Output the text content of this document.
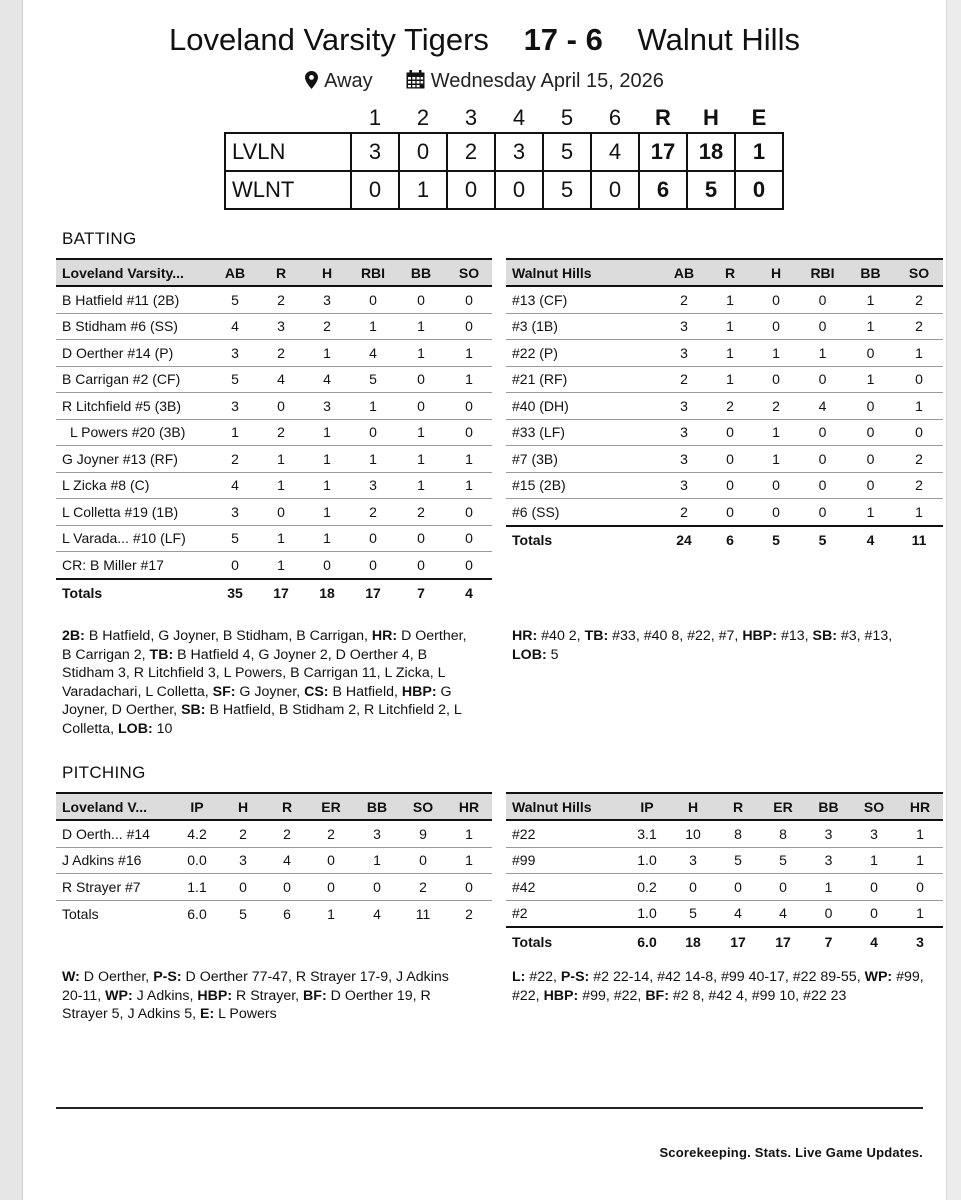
Loveland Varsity Tigers 17 - 6 Walnut Hills
Away	Wednesday April 15, 2026
	1	2	3	4	5	6	R	H	E
LVLN	3	0	2	3	5	4	17	18	1
WLNT	0	1	0	0	5	0	6	5	0
BATTING
Loveland Varsity...	AB	R	H	RBI	BB	SO
B Hatfield #11 (2B)	5	2	3	0	0	0
B Stidham #6 (SS)	4	3	2	1	1	0
D Oerther #14 (P)	3	2	1	4	1	1
B Carrigan #2 (CF)	5	4	4	5	0	1
R Litchfield #5 (3B)	3	0	3	1	0	0
L Powers #20 (3B)	1	2	1	0	1	0
G Joyner #13 (RF)	2	1	1	1	1	1
L Zicka #8 (C)	4	1	1	3	1	1
L Colletta #19 (1B)	3	0	1	2	2	0
L Varada... #10 (LF)	5	1	1	0	0	0
CR: B Miller #17	0	1	0	0	0	0
Totals	35	17	18	17	7	4
Walnut Hills	AB	R	H	RBI	BB	SO
#13 (CF)	2	1	0	0	1	2
#3 (1B)	3	1	0	0	1	2
#22 (P)	3	1	1	1	0	1
#21 (RF)	2	1	0	0	1	0
#40 (DH)	3	2	2	4	0	1
#33 (LF)	3	0	1	0	0	0
#7 (3B)	3	0	1	0	0	2
#15 (2B)	3	0	0	0	0	2
#6 (SS)	2	0	0	0	1	1
Totals	24	6	5	5	4	11
2B: B Hatfield, G Joyner, B Stidham, B Carrigan, HR: D Oerther, B Carrigan 2, TB: B Hatfield 4, G Joyner 2, D Oerther 4, B Stidham 3, R Litchfield 3, L Powers, B Carrigan 11, L Zicka, L Varadachari, L Colletta, SF: G Joyner, CS: B Hatfield, HBP: G Joyner, D Oerther, SB: B Hatfield, B Stidham 2, R Litchfield 2, L Colletta, LOB: 10
HR: #40 2, TB: #33, #40 8, #22, #7, HBP: #13, SB: #3, #13, LOB: 5
PITCHING
Loveland V...	IP	H	R	ER	BB	SO	HR
D Oerth... #14	4.2	2	2	2	3	9	1
J Adkins #16	0.0	3	4	0	1	0	1
R Strayer #7	1.1	0	0	0	0	2	0
Totals	6.0	5	6	1	4	11	2
Walnut Hills	IP	H	R	ER	BB	SO	HR
#22	3.1	10	8	8	3	3	1
#99	1.0	3	5	5	3	1	1
#42	0.2	0	0	0	1	0	0
#2	1.0	5	4	4	0	0	1
Totals	6.0	18	17	17	7	4	3
W: D Oerther, P-S: D Oerther 77-47, R Strayer 17-9, J Adkins 20-11, WP: J Adkins, HBP: R Strayer, BF: D Oerther 19, R Strayer 5, J Adkins 5, E: L Powers
L: #22, P-S: #2 22-14, #42 14-8, #99 40-17, #22 89-55, WP: #99, #22, HBP: #99, #22, BF: #2 8, #42 4, #99 10, #22 23
Scorekeeping. Stats. Live Game Updates.
